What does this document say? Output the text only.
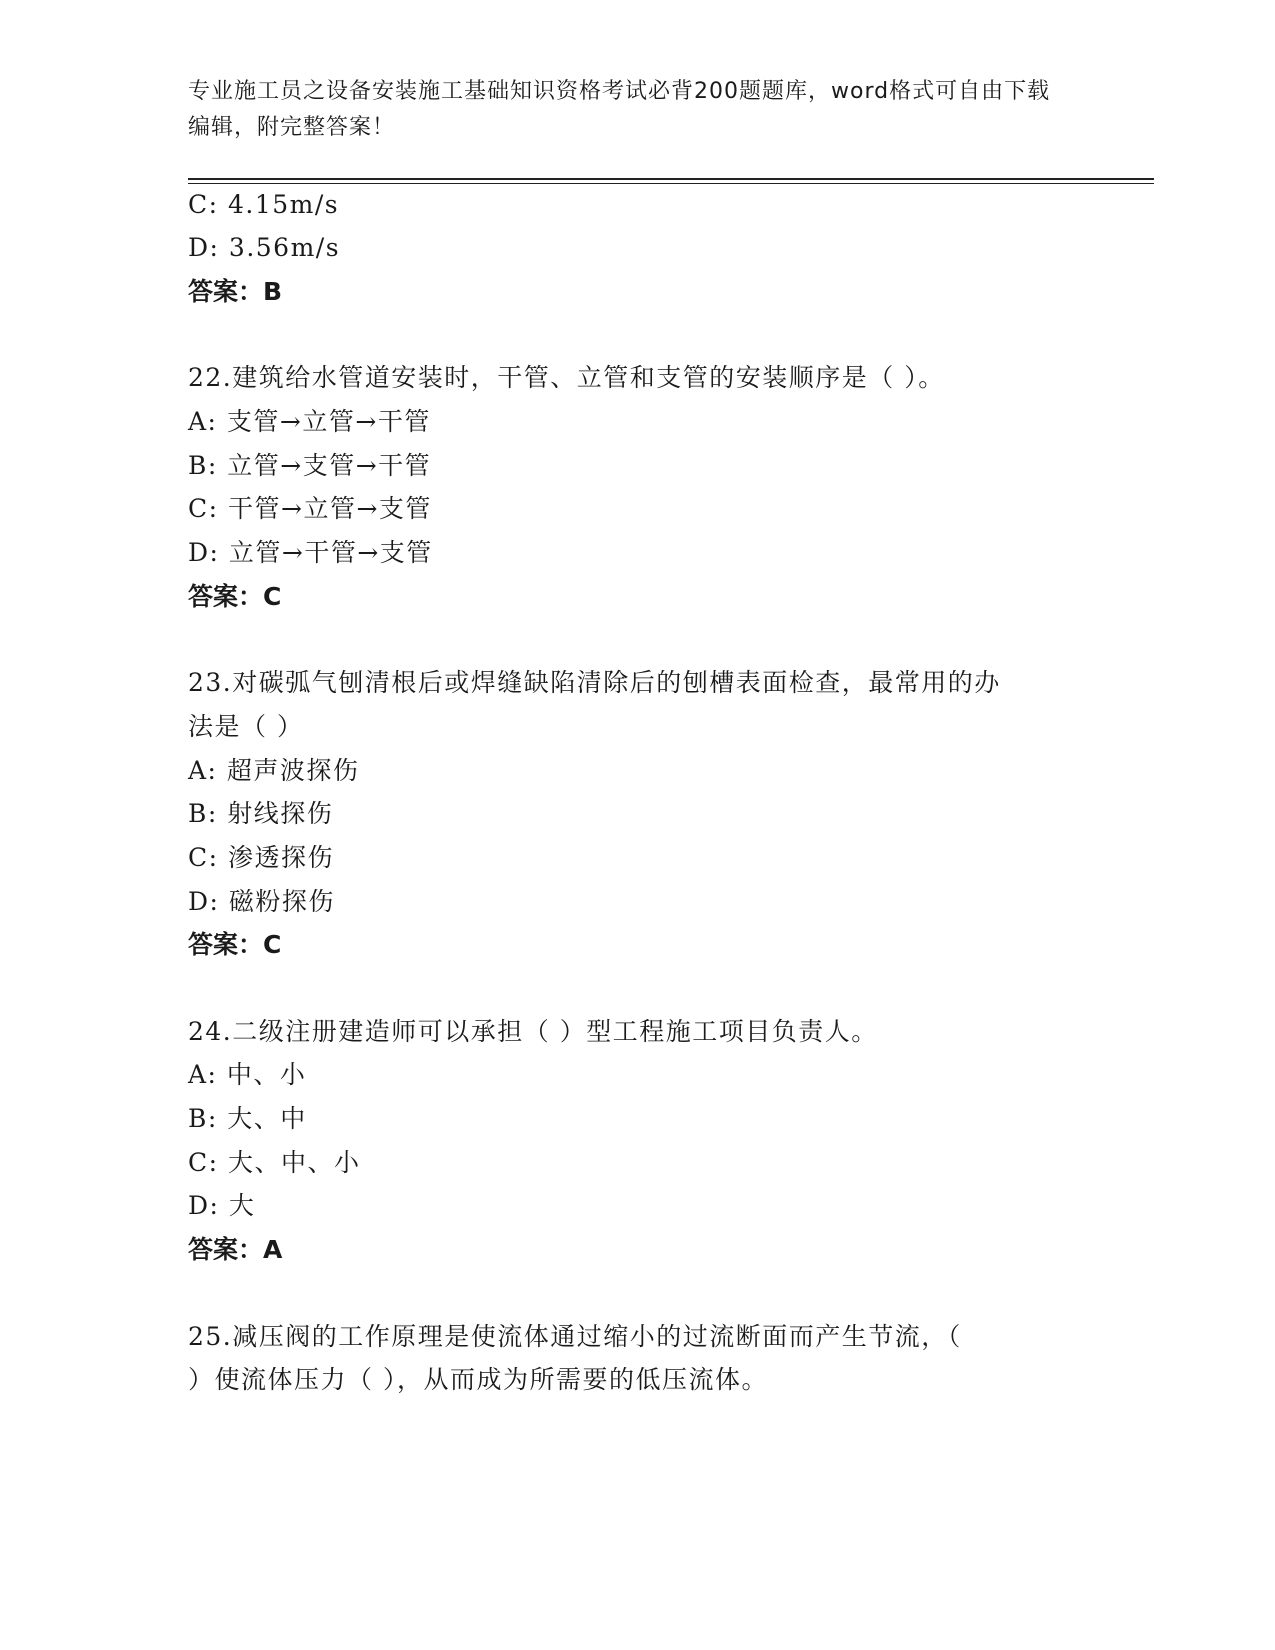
专业施工员之设备安装施工基础知识资格考试必背200题题库，word格式可自由下载编辑，附完整答案！
C: 4.15m/s
D: 3.56m/s
答案：B
22.建筑给水管道安装时，干管、立管和支管的安装顺序是（ ）。
A: 支管→立管→干管
B: 立管→支管→干管
C: 干管→立管→支管
D: 立管→干管→支管
答案：C
23.对碳弧气刨清根后或焊缝缺陷清除后的刨槽表面检查，最常用的办
法是（ ）
A: 超声波探伤
B: 射线探伤
C: 渗透探伤
D: 磁粉探伤
答案：C
24.二级注册建造师可以承担（ ）型工程施工项目负责人。
A: 中、小
B: 大、中
C: 大、中、小
D: 大
答案：A
25.减压阀的工作原理是使流体通过缩小的过流断面而产生节流，（
）使流体压力（ ），从而成为所需要的低压流体。
